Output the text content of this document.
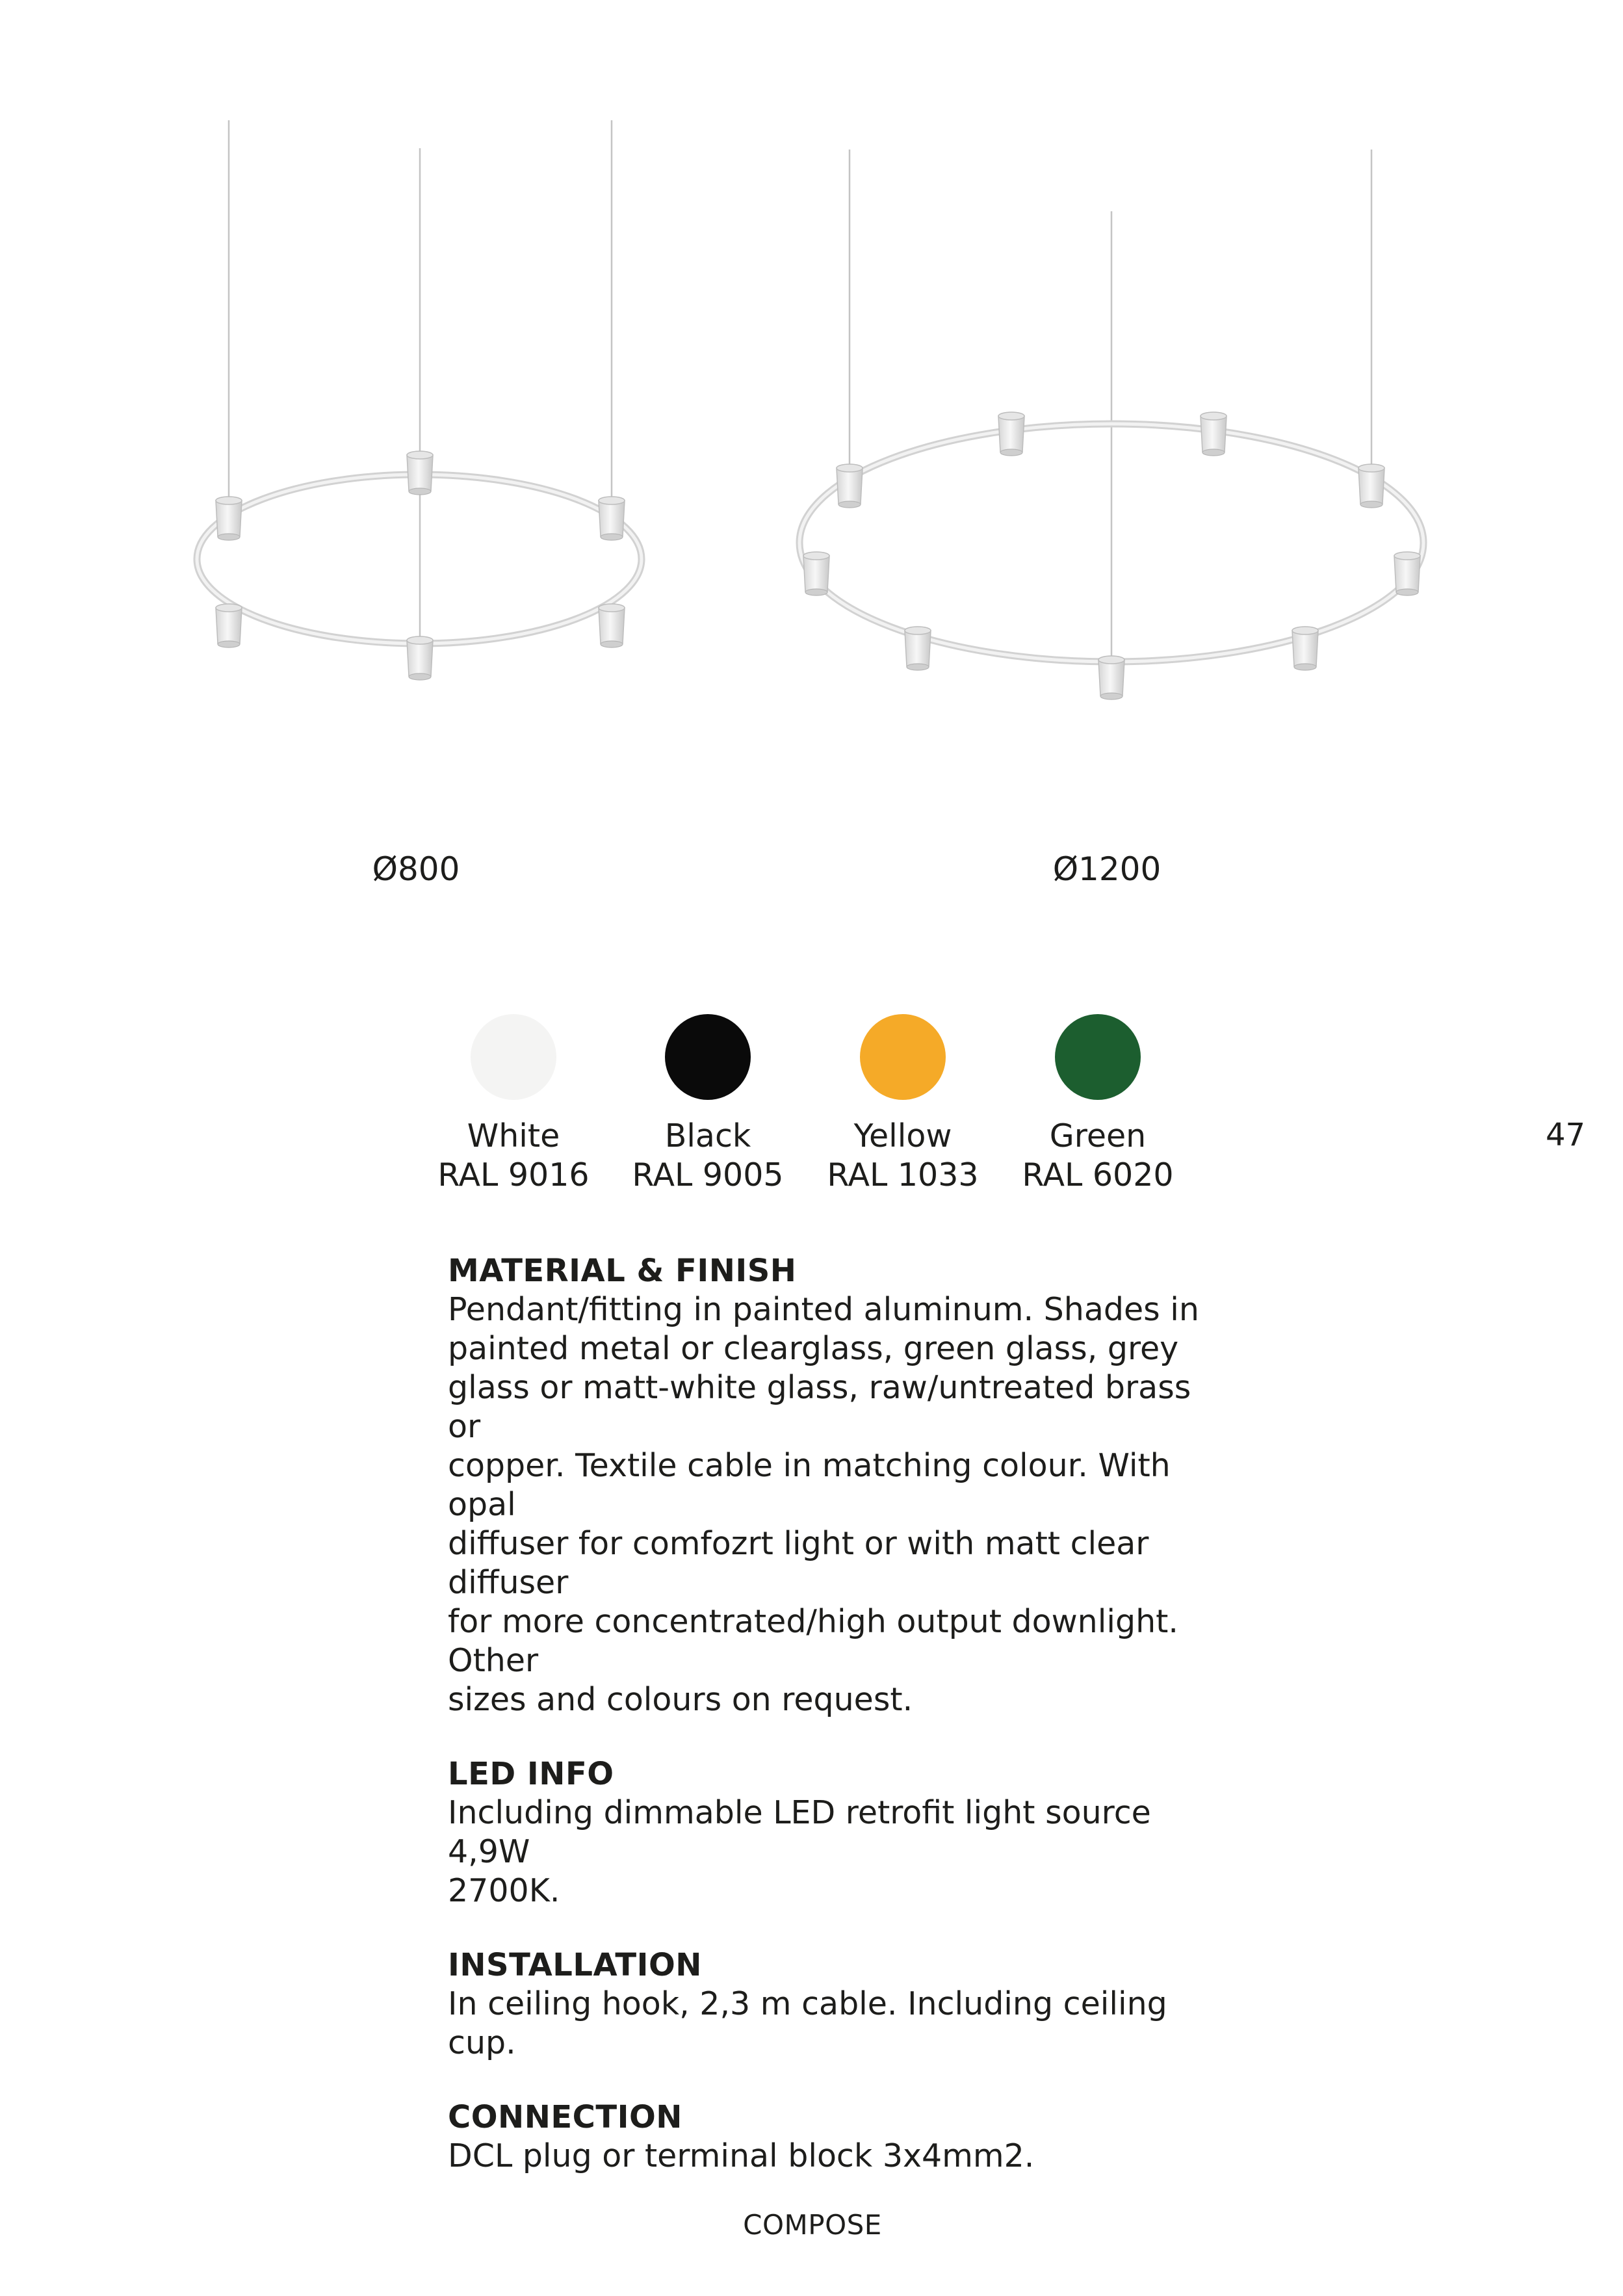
Ø800	Ø1200
White
RAL 9016
Black
RAL 9005
Yellow
RAL 1033
Green
RAL 6020
47

MATERIAL & FINISH

Pendant/fitting in painted aluminum. Shades in
painted metal or clearglass, green glass, grey
glass or matt-white glass, raw/untreated brass or
copper. Textile cable in matching colour. With opal
diffuser for comfozrt light or with matt clear diffuser
for more concentrated/high output downlight. Other
sizes and colours on request.

LED INFO

Including dimmable LED retrofit light source 4,9W
2700K.

INSTALLATION

In ceiling hook, 2,3 m cable. Including ceiling cup.

CONNECTION

DCL plug or terminal block 3x4mm2.

COMPOSE
